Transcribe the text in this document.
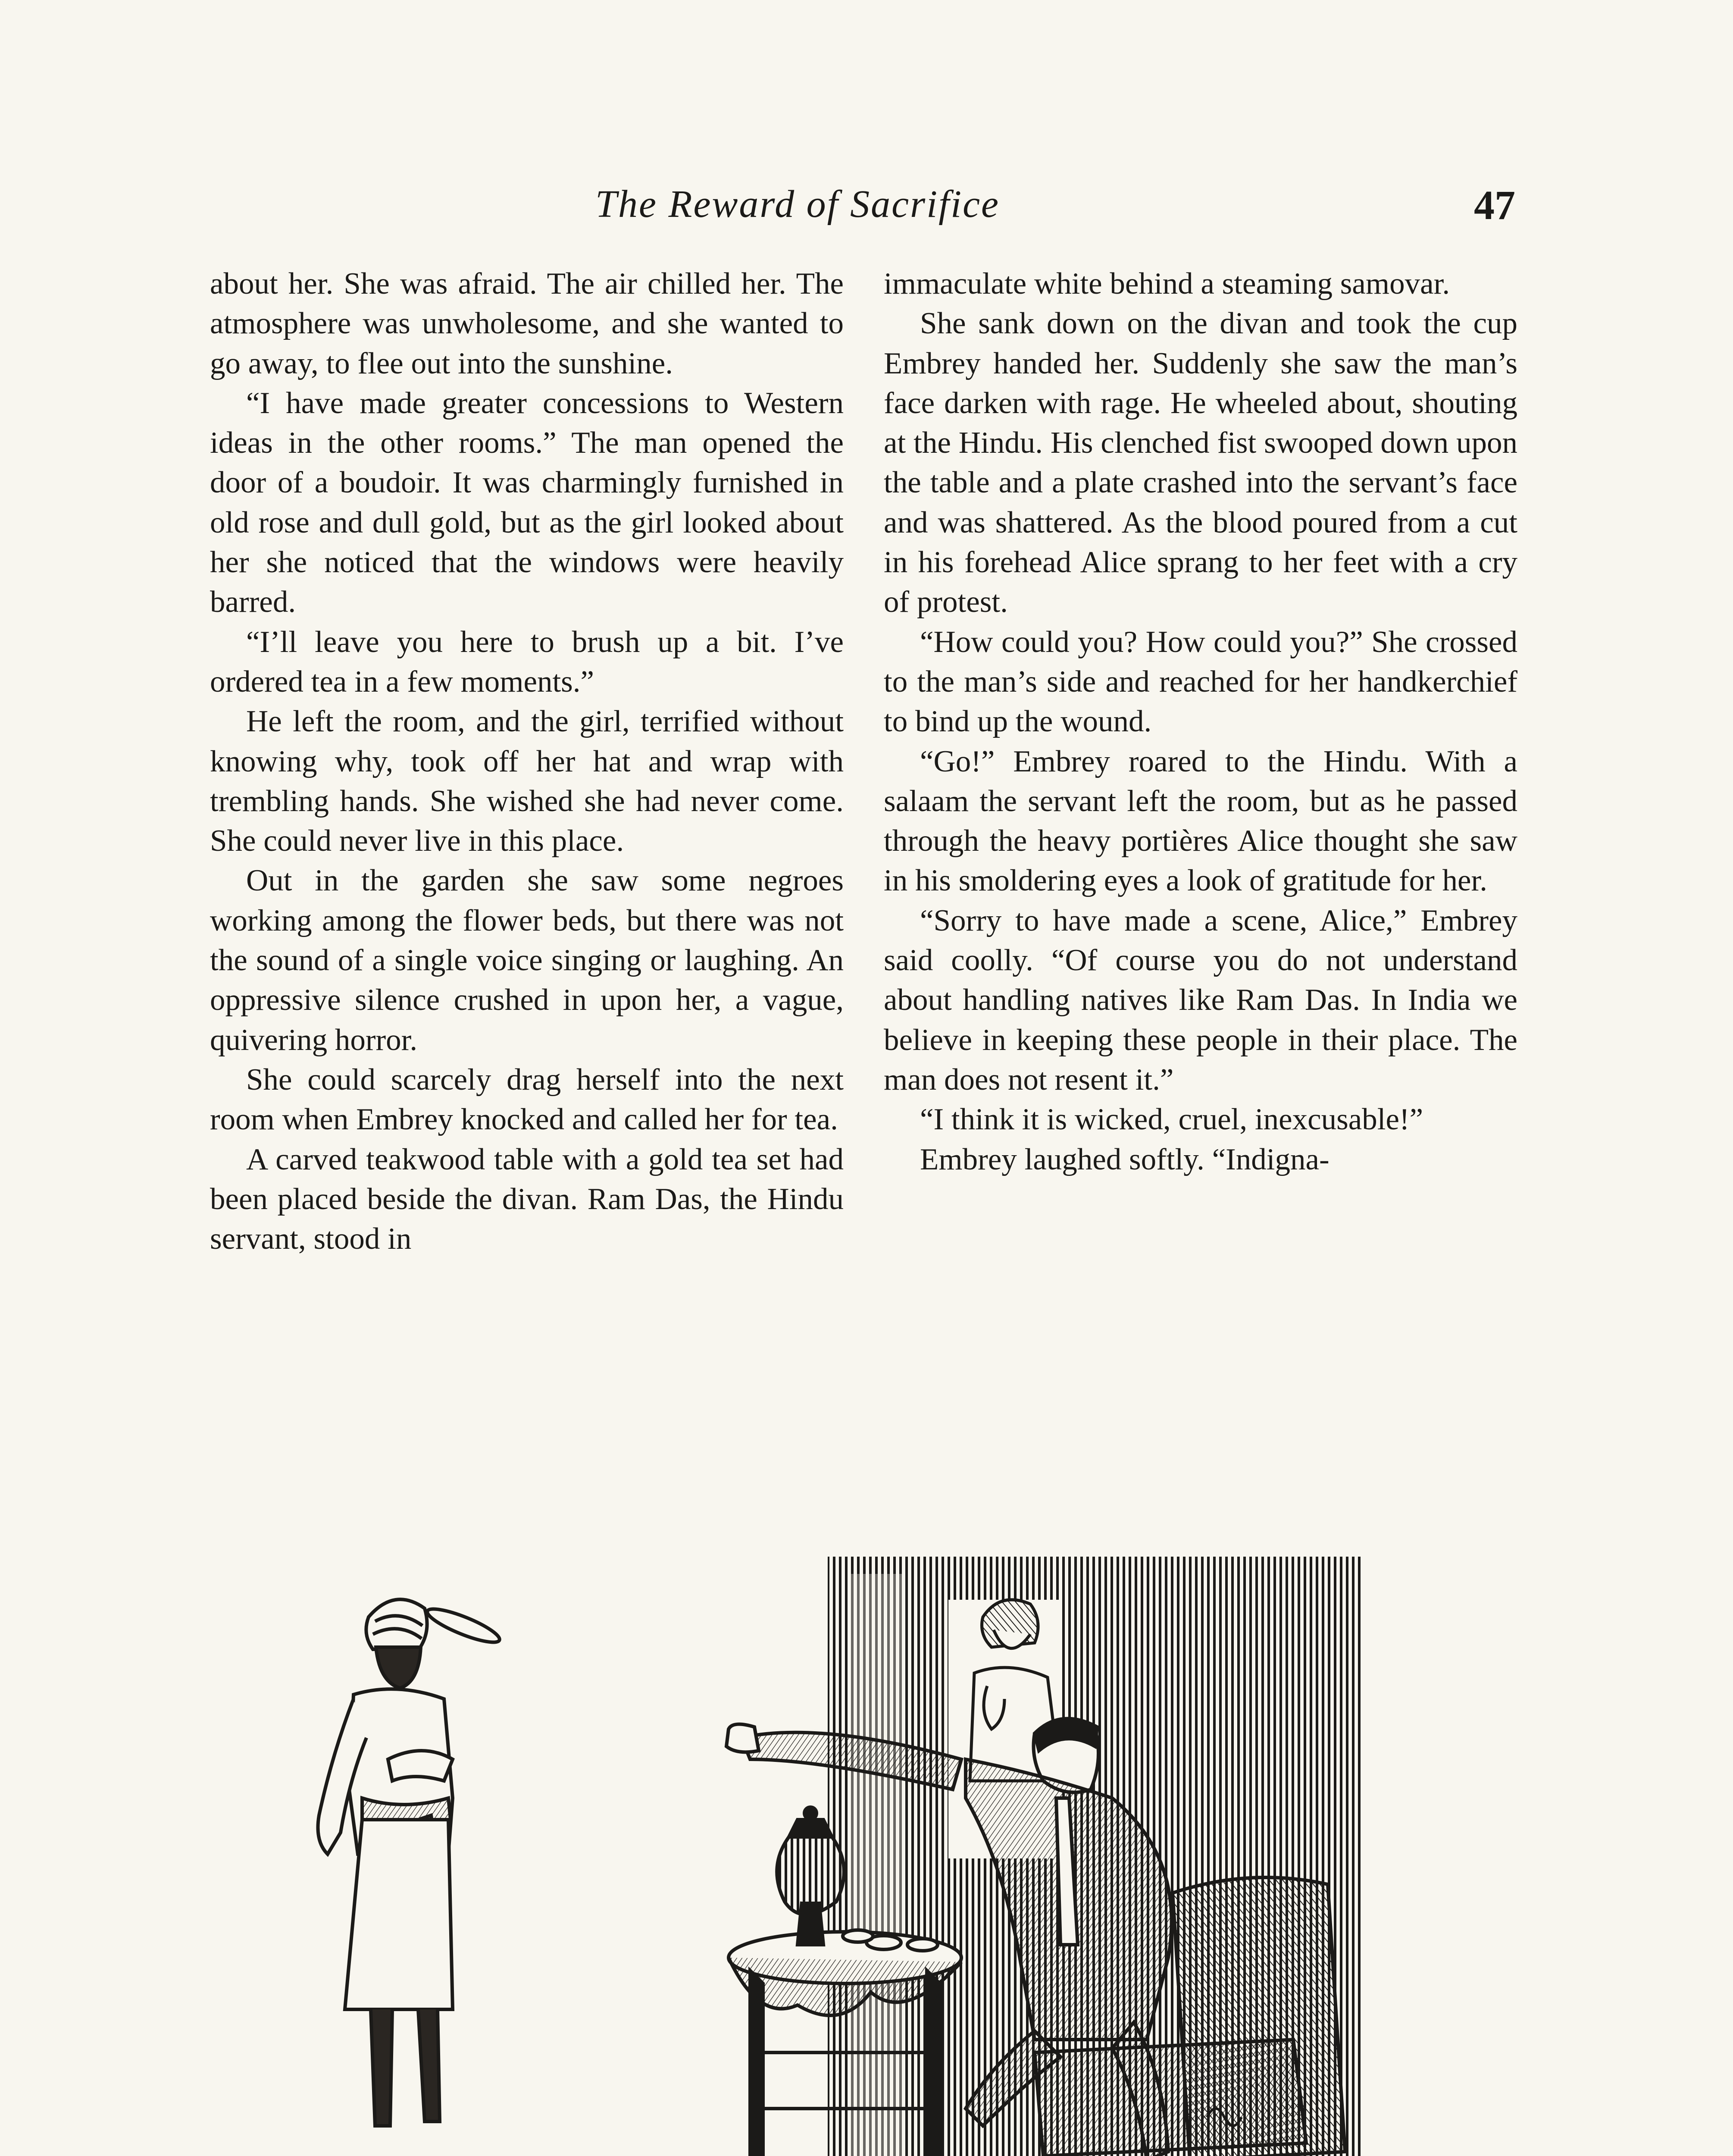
The Reward of Sacrifice	47

about her. She was afraid. The air chilled her. The atmosphere was unwholesome, and she wanted to go away, to flee out into the sunshine.

“I have made greater concessions to Western ideas in the other rooms.” The man opened the door of a boudoir. It was charmingly furnished in old rose and dull gold, but as the girl looked about her she noticed that the windows were heavily barred.

“I’ll leave you here to brush up a bit. I’ve ordered tea in a few moments.”

He left the room, and the girl, terrified without knowing why, took off her hat and wrap with trembling hands. She wished she had never come. She could never live in this place.

Out in the garden she saw some negroes working among the flower beds, but there was not the sound of a single voice singing or laughing. An oppressive silence crushed in upon her, a vague, quivering horror.

She could scarcely drag herself into the next room when Embrey knocked and called her for tea.

A carved teakwood table with a gold tea set had been placed beside the divan. Ram Das, the Hindu servant, stood in

immaculate white behind a steaming samovar.

She sank down on the divan and took the cup Embrey handed her. Suddenly she saw the man’s face darken with rage. He wheeled about, shouting at the Hindu. His clenched fist swooped down upon the table and a plate crashed into the servant’s face and was shattered. As the blood poured from a cut in his forehead Alice sprang to her feet with a cry of protest.

“How could you? How could you?” She crossed to the man’s side and reached for her handkerchief to bind up the wound.

“Go!” Embrey roared to the Hindu. With a salaam the servant left the room, but as he passed through the heavy portières Alice thought she saw in his smoldering eyes a look of gratitude for her.

“Sorry to have made a scene, Alice,” Embrey said coolly. “Of course you do not understand about handling natives like Ram Das. In India we believe in keeping these people in their place. The man does not resent it.”

“I think it is wicked, cruel, inexcusable!”

Embrey laughed softly. “Indigna-
